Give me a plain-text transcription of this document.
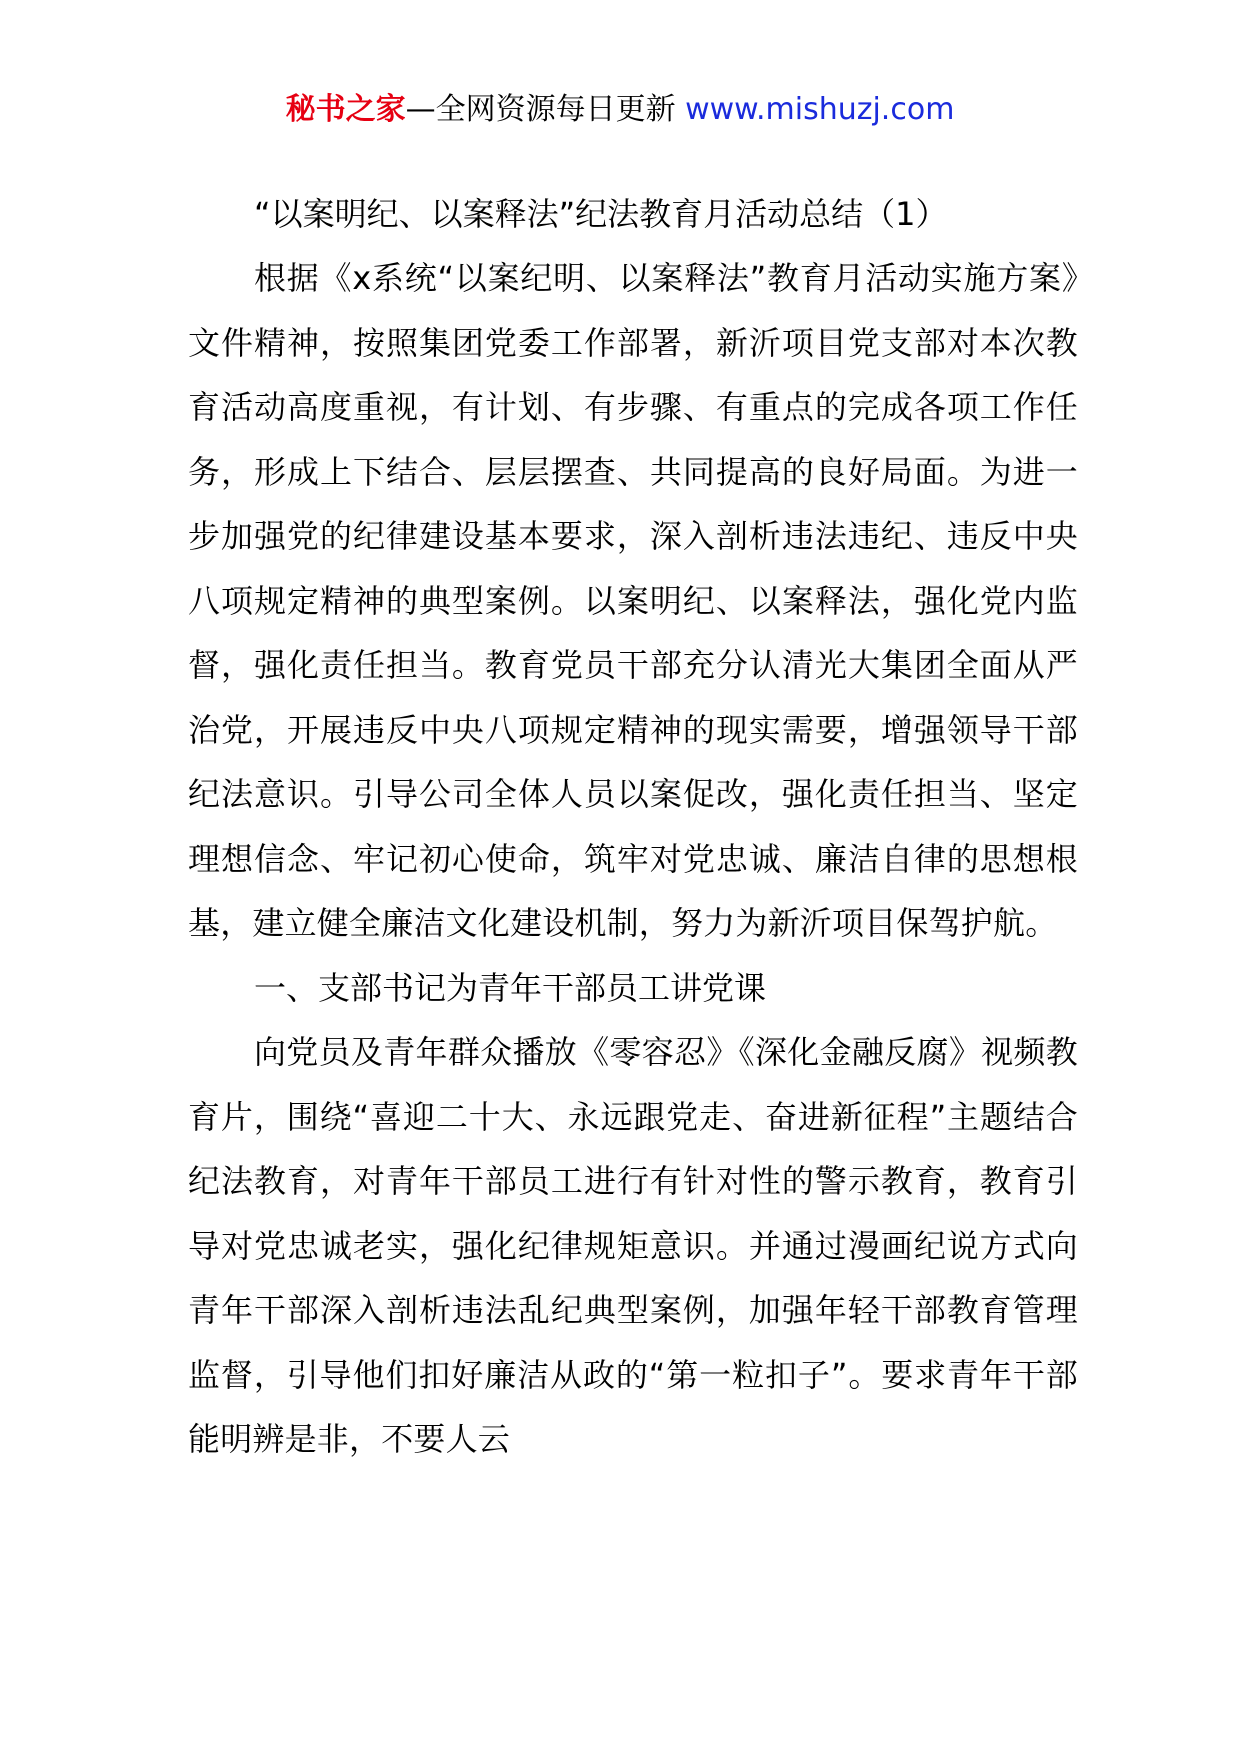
秘书之家—全网资源每日更新 www.mishuzj.com
“以案明纪、以案释法”纪法教育月活动总结（1）

根据《x系统“以案纪明、以案释法”教育月活动实施方案》文件精神，按照集团党委工作部署，新沂项目党支部对本次教育活动高度重视，有计划、有步骤、有重点的完成各项工作任务，形成上下结合、层层摆查、共同提高的良好局面。为进一步加强党的纪律建设基本要求，深入剖析违法违纪、违反中央八项规定精神的典型案例。以案明纪、以案释法，强化党内监督，强化责任担当。教育党员干部充分认清光大集团全面从严治党，开展违反中央八项规定精神的现实需要，增强领导干部纪法意识。引导公司全体人员以案促改，强化责任担当、坚定理想信念、牢记初心使命，筑牢对党忠诚、廉洁自律的思想根基，建立健全廉洁文化建设机制，努力为新沂项目保驾护航。

一、支部书记为青年干部员工讲党课

向党员及青年群众播放《零容忍》《深化金融反腐》视频教育片，围绕“喜迎二十大、永远跟党走、奋进新征程”主题结合纪法教育，对青年干部员工进行有针对性的警示教育，教育引导对党忠诚老实，强化纪律规矩意识。并通过漫画纪说方式向青年干部深入剖析违法乱纪典型案例，加强年轻干部教育管理监督，引导他们扣好廉洁从政的“第一粒扣子”。要求青年干部能明辨是非，不要人云
